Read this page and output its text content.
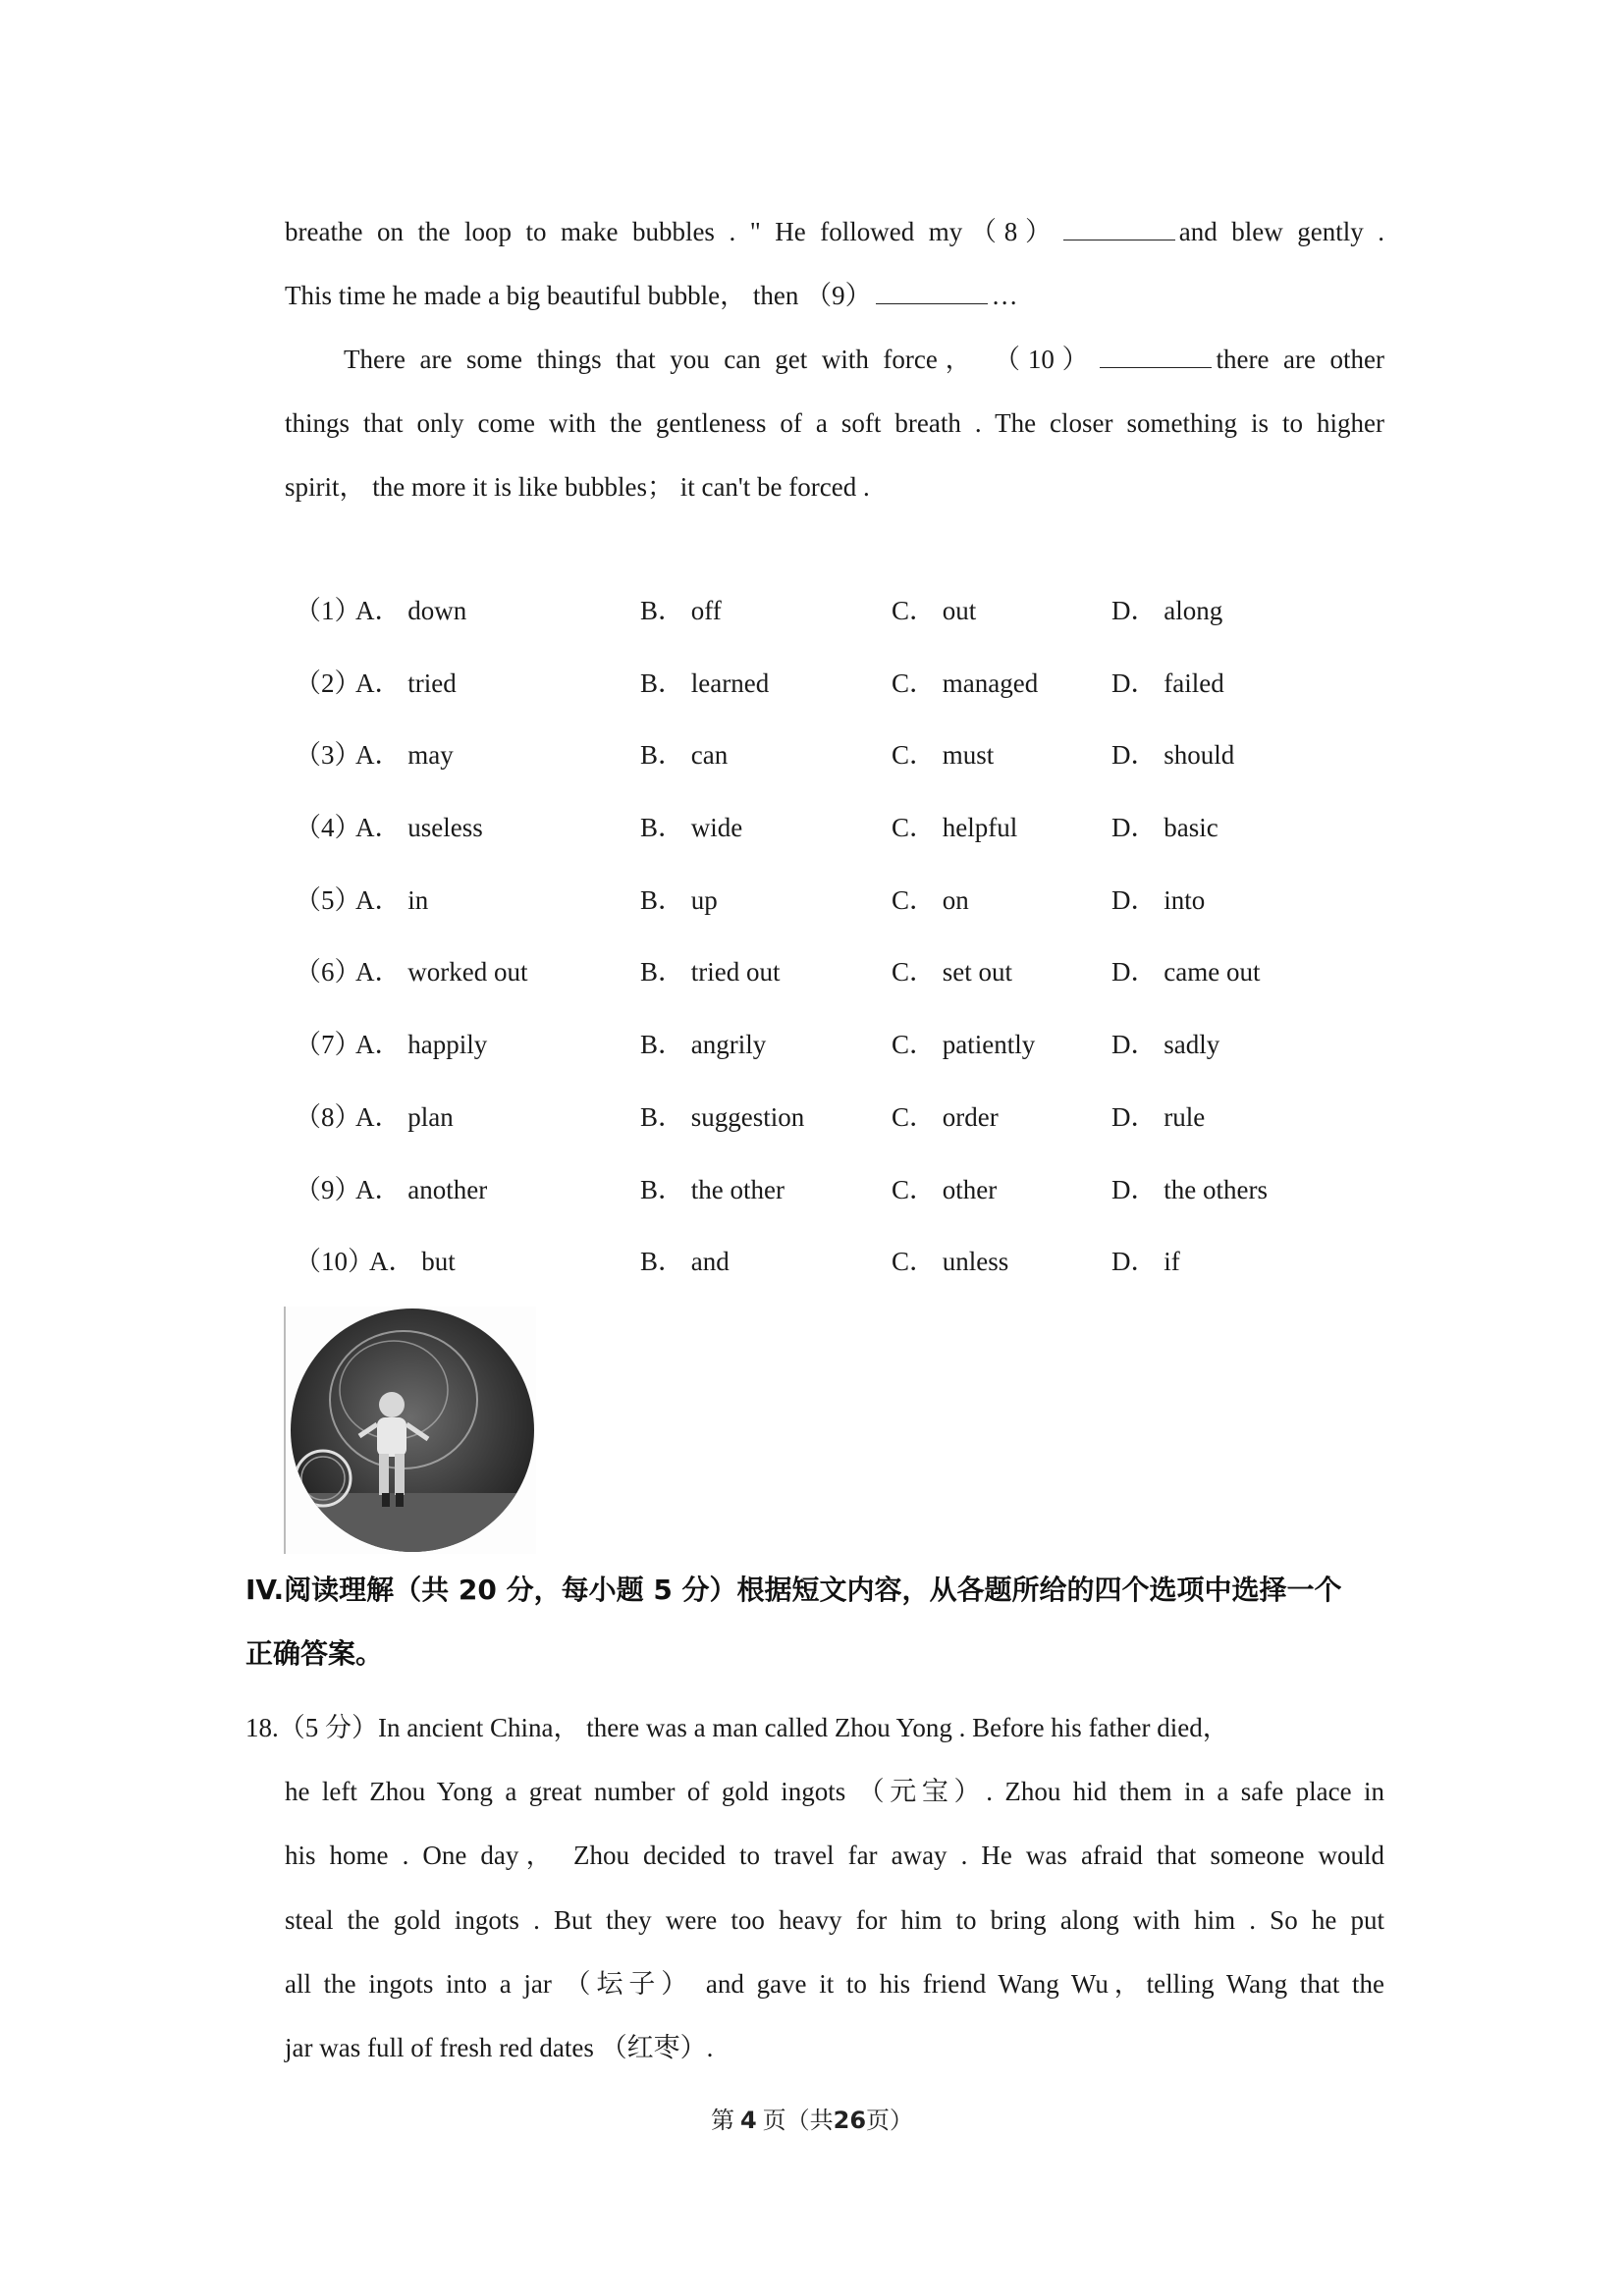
breathe on the loop to make bubbles . " He followed my（8）	and blew gently .
This time he made a big beautiful bubble， then （9）	…
There are some things that you can get with force， （10）	there are other
things that only come with the gentleness of a soft breath . The closer something is to higher
spirit， the more it is like bubbles； it can't be forced .
（1）
A． down	B． off	C． out	D． along
（2）
A． tried	B． learned	C． managed	D． failed
（3）
A． may	B． can	C． must	D． should
（4）
A． useless	B． wide	C． helpful	D． basic
（5）
A． in	B． up	C． on	D． into
（6）
A． worked out	B． tried out	C． set out	D． came out
（7）
A． happily	B． angrily	C． patiently	D． sadly
（8）
A． plan	B． suggestion	C． order	D． rule
（9）
A． another	B． the other	C． other	D． the others
（10）
A． but	B． and	C． unless	D． if
IV.阅读理解（共 20 分，每小题 5 分）根据短文内容，从各题所给的四个选项中选择一个
正确答案。
18.（5 分）In ancient China， there was a man called Zhou Yong . Before his father died，
he left Zhou Yong a great number of gold ingots （元宝）. Zhou hid them in a safe place in
his home . One day， Zhou decided to travel far away . He was afraid that someone would
steal the gold ingots . But they were too heavy for him to bring along with him . So he put
all the ingots into a jar （坛子） and gave it to his friend Wang Wu，telling Wang that the
jar was full of fresh red dates （红枣）.
第 4 页（共26页）
